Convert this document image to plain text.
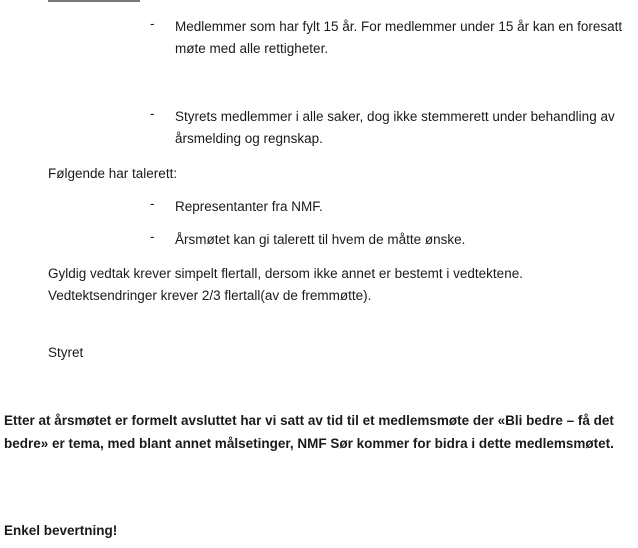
- Medlemmer som har fylt 15 år. For medlemmer under 15 år kan en foresatt møte med alle rettigheter.
- Styrets medlemmer i alle saker, dog ikke stemmerett under behandling av årsmelding og regnskap.
Følgende har talerett:
- Representanter fra NMF.
- Årsmøtet kan gi talerett til hvem de måtte ønske.
Gyldig vedtak krever simpelt flertall, dersom ikke annet er bestemt i vedtektene.
Vedtektsendringer krever 2/3 flertall(av de fremmøtte).
Styret
Etter at årsmøtet er formelt avsluttet har vi satt av tid til et medlemsmøte der «Bli bedre – få det bedre» er tema, med blant annet målsetinger, NMF Sør kommer for bidra i dette medlemsmøtet.
Enkel bevertning!
